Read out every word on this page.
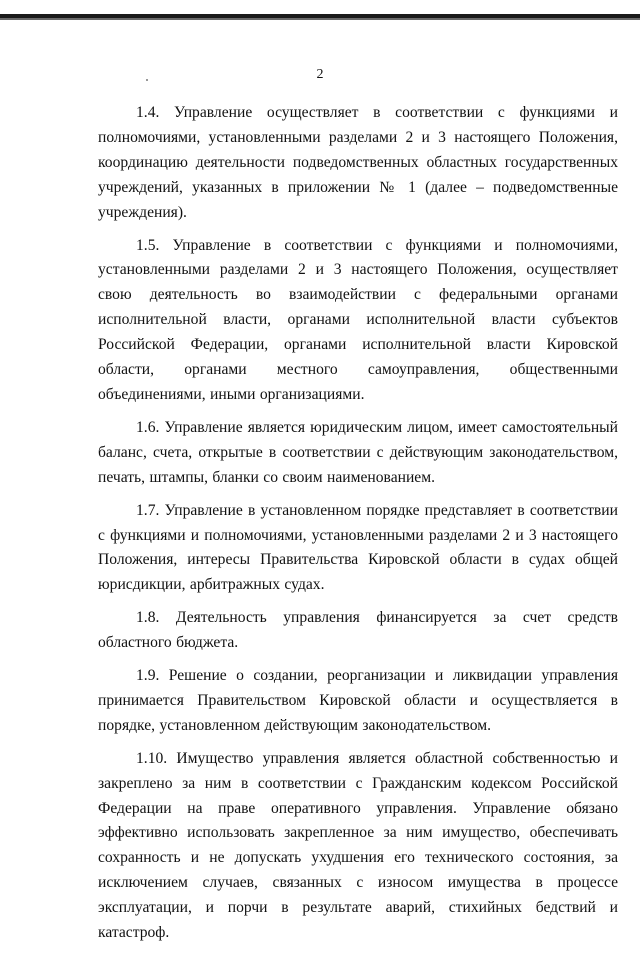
2

1.4. Управление осуществляет в соответствии с функциями и полномочиями, установленными разделами 2 и 3 настоящего Положения, координацию деятельности подведомственных областных государственных учреждений, указанных в приложении № 1 (далее – подведомственные учреждения).

1.5. Управление в соответствии с функциями и полномочиями, установленными разделами 2 и 3 настоящего Положения, осуществляет свою деятельность во взаимодействии с федеральными органами исполнительной власти, органами исполнительной власти субъектов Российской Федерации, органами исполнительной власти Кировской области, органами местного самоуправления, общественными объединениями, иными организациями.

1.6. Управление является юридическим лицом, имеет самостоятельный баланс, счета, открытые в соответствии с действующим законодательством, печать, штампы, бланки со своим наименованием.

1.7. Управление в установленном порядке представляет в соответствии с функциями и полномочиями, установленными разделами 2 и 3 настоящего Положения, интересы Правительства Кировской области в судах общей юрисдикции, арбитражных судах.

1.8. Деятельность управления финансируется за счет средств областного бюджета.

1.9. Решение о создании, реорганизации и ликвидации управления принимается Правительством Кировской области и осуществляется в порядке, установленном действующим законодательством.

1.10. Имущество управления является областной собственностью и закреплено за ним в соответствии с Гражданским кодексом Российской Федерации на праве оперативного управления. Управление обязано эффективно использовать закрепленное за ним имущество, обеспечивать сохранность и не допускать ухудшения его технического состояния, за исключением случаев, связанных с износом имущества в процессе эксплуатации, и порчи в результате аварий, стихийных бедствий и катастроф.
